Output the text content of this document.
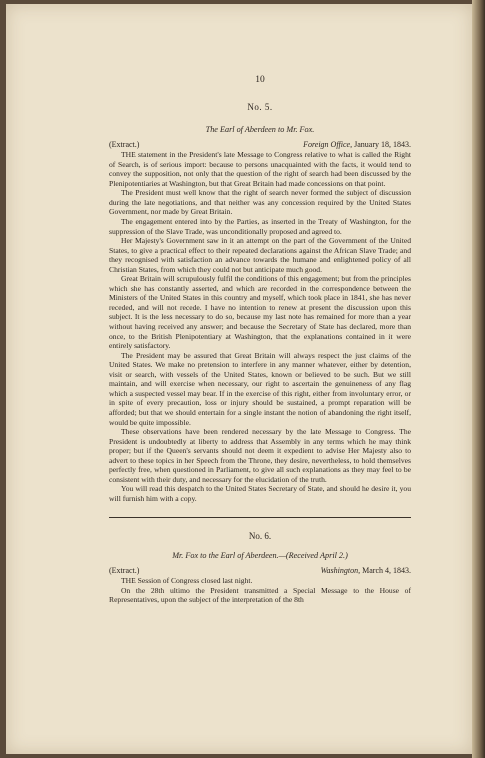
10
No. 5.
The Earl of Aberdeen to Mr. Fox.
(Extract.)	Foreign Office, January 18, 1843.

THE statement in the President's late Message to Congress relative to what is called the Right of Search, is of serious import: because to persons unacquainted with the facts, it would tend to convey the supposition, not only that the question of the right of search had been discussed by the Plenipotentiaries at Washington, but that Great Britain had made concessions on that point.

The President must well know that the right of search never formed the subject of discussion during the late negotiations, and that neither was any concession required by the United States Government, nor made by Great Britain.

The engagement entered into by the Parties, as inserted in the Treaty of Washington, for the suppression of the Slave Trade, was unconditionally proposed and agreed to.

Her Majesty's Government saw in it an attempt on the part of the Government of the United States, to give a practical effect to their repeated declarations against the African Slave Trade; and they recognised with satisfaction an advance towards the humane and enlightened policy of all Christian States, from which they could not but anticipate much good.

Great Britain will scrupulously fulfil the conditions of this engagement; but from the principles which she has constantly asserted, and which are recorded in the correspondence between the Ministers of the United States in this country and myself, which took place in 1841, she has never receded, and will not recede. I have no intention to renew at present the discussion upon this subject. It is the less necessary to do so, because my last note has remained for more than a year without having received any answer; and because the Secretary of State has declared, more than once, to the British Plenipotentiary at Washington, that the explanations contained in it were entirely satisfactory.

The President may be assured that Great Britain will always respect the just claims of the United States. We make no pretension to interfere in any manner whatever, either by detention, visit or search, with vessels of the United States, known or believed to be such. But we still maintain, and will exercise when necessary, our right to ascertain the genuineness of any flag which a suspected vessel may bear. If in the exercise of this right, either from involuntary error, or in spite of every precaution, loss or injury should be sustained, a prompt reparation will be afforded; but that we should entertain for a single instant the notion of abandoning the right itself, would be quite impossible.

These observations have been rendered necessary by the late Message to Congress. The President is undoubtedly at liberty to address that Assembly in any terms which he may think proper; but if the Queen's servants should not deem it expedient to advise Her Majesty also to advert to these topics in her Speech from the Throne, they desire, nevertheless, to hold themselves perfectly free, when questioned in Parliament, to give all such explanations as they may feel to be consistent with their duty, and necessary for the elucidation of the truth.

You will read this despatch to the United States Secretary of State, and should he desire it, you will furnish him with a copy.

No. 6.
Mr. Fox to the Earl of Aberdeen.—(Received April 2.)
(Extract.)	Washington, March 4, 1843.

THE Session of Congress closed last night.

On the 28th ultimo the President transmitted a Special Message to the House of Representatives, upon the subject of the interpretation of the 8th
